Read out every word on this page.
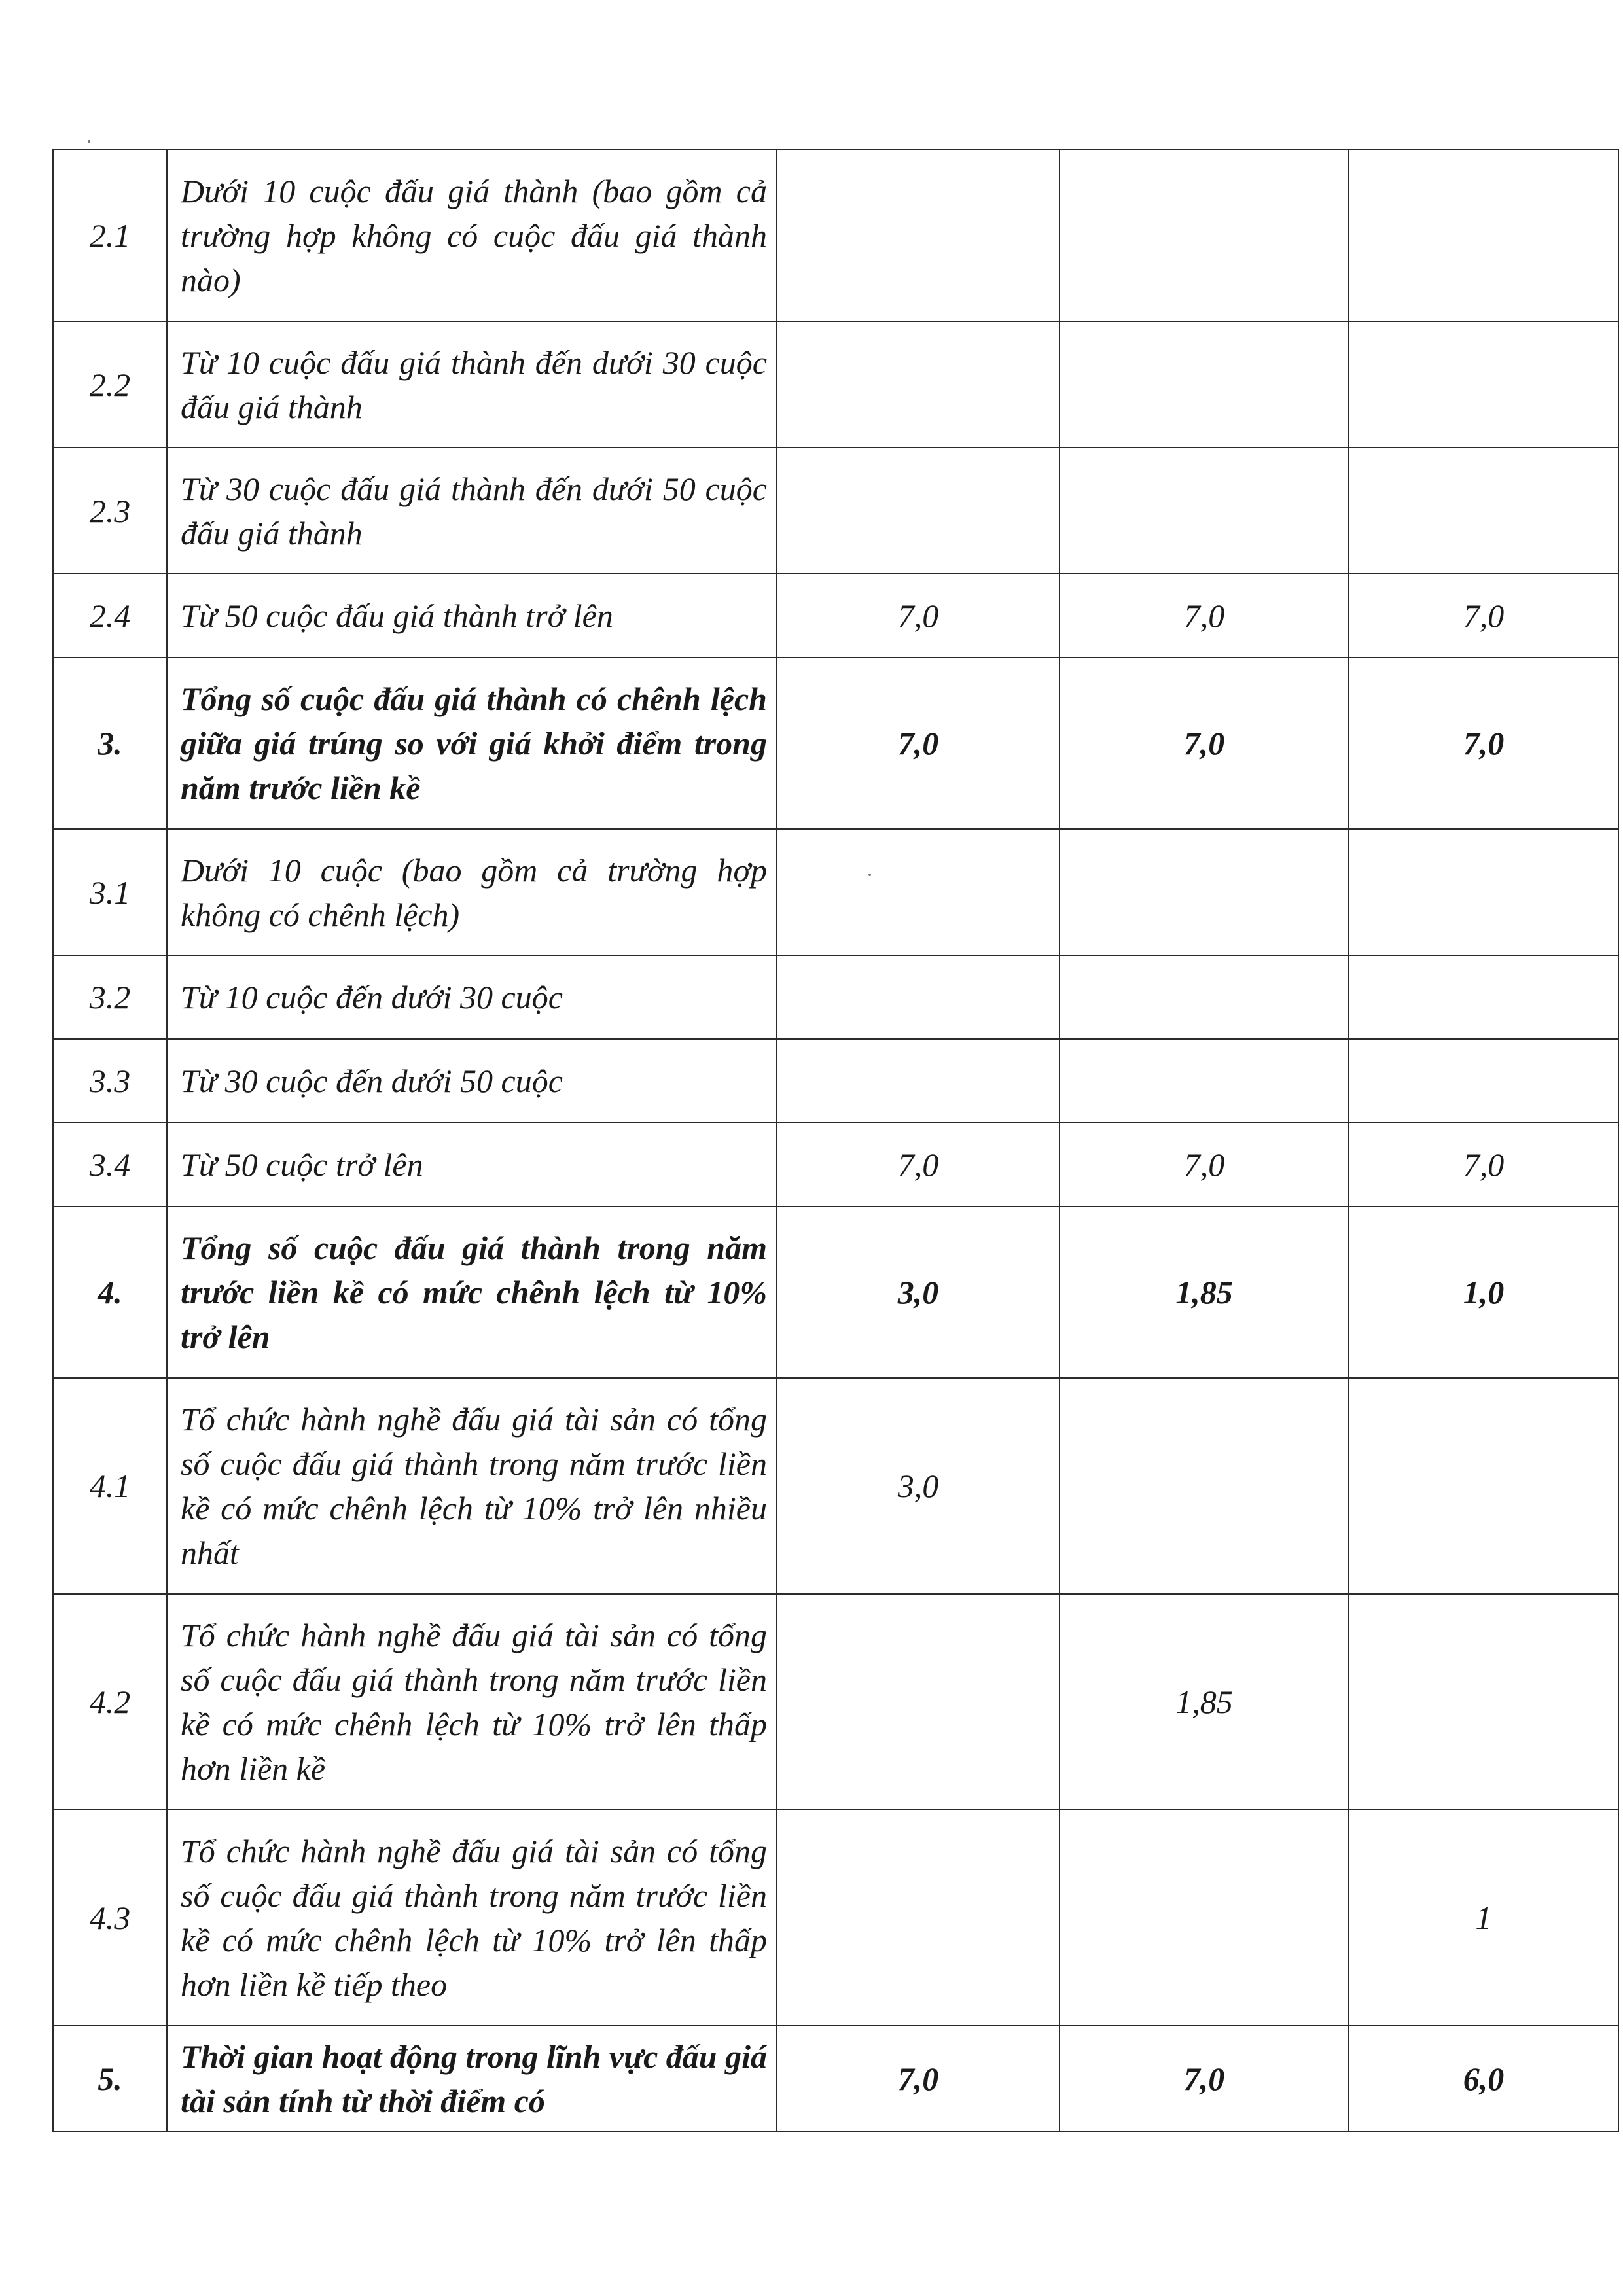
2.1	Dưới 10 cuộc đấu giá thành (bao gồm cả trường hợp không có cuộc đấu giá thành nào)			
2.2	Từ 10 cuộc đấu giá thành đến dưới 30 cuộc đấu giá thành			
2.3	Từ 30 cuộc đấu giá thành đến dưới 50 cuộc đấu giá thành			
2.4	Từ 50 cuộc đấu giá thành trở lên	7,0	7,0	7,0
3.	Tổng số cuộc đấu giá thành có chênh lệch giữa giá trúng so với giá khởi điểm trong năm trước liền kề	7,0	7,0	7,0
3.1	Dưới 10 cuộc (bao gồm cả trường hợp không có chênh lệch)			
3.2	Từ 10 cuộc đến dưới 30 cuộc			
3.3	Từ 30 cuộc đến dưới 50 cuộc			
3.4	Từ 50 cuộc trở lên	7,0	7,0	7,0
4.	Tổng số cuộc đấu giá thành trong năm trước liền kề có mức chênh lệch từ 10% trở lên	3,0	1,85	1,0
4.1	Tổ chức hành nghề đấu giá tài sản có tổng số cuộc đấu giá thành trong năm trước liền kề có mức chênh lệch từ 10% trở lên nhiều nhất	3,0		
4.2	Tổ chức hành nghề đấu giá tài sản có tổng số cuộc đấu giá thành trong năm trước liền kề có mức chênh lệch từ 10% trở lên thấp hơn liền kề		1,85	
4.3	Tổ chức hành nghề đấu giá tài sản có tổng số cuộc đấu giá thành trong năm trước liền kề có mức chênh lệch từ 10% trở lên thấp hơn liền kề tiếp theo			1
5.	Thời gian hoạt động trong lĩnh vực đấu giá tài sản tính từ thời điểm có	7,0	7,0	6,0
